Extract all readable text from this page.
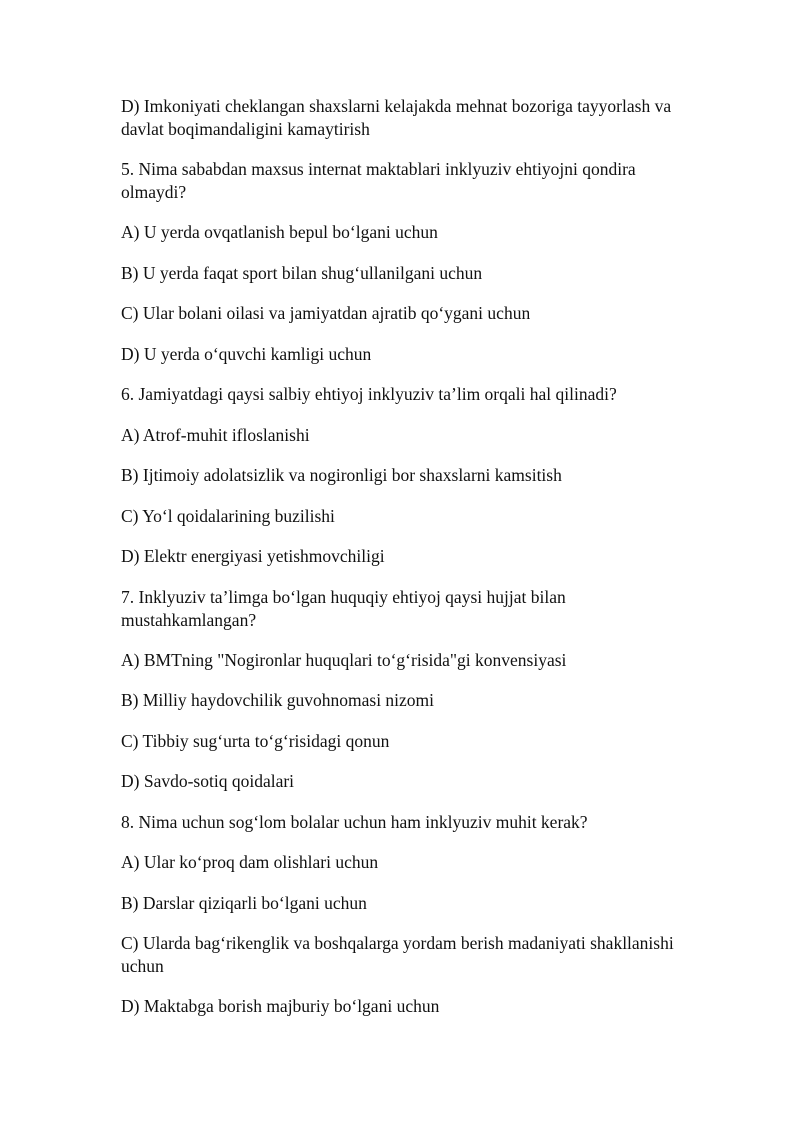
D) Imkoniyati cheklangan shaxslarni kelajakda mehnat bozoriga tayyorlash va davlat boqimandaligini kamaytirish

5. Nima sababdan maxsus internat maktablari inklyuziv ehtiyojni qondira olmaydi?

A) U yerda ovqatlanish bepul bo‘lgani uchun

B) U yerda faqat sport bilan shug‘ullanilgani uchun

C) Ular bolani oilasi va jamiyatdan ajratib qo‘ygani uchun

D) U yerda o‘quvchi kamligi uchun

6. Jamiyatdagi qaysi salbiy ehtiyoj inklyuziv ta’lim orqali hal qilinadi?

A) Atrof-muhit ifloslanishi

B) Ijtimoiy adolatsizlik va nogironligi bor shaxslarni kamsitish

C) Yo‘l qoidalarining buzilishi

D) Elektr energiyasi yetishmovchiligi

7. Inklyuziv ta’limga bo‘lgan huquqiy ehtiyoj qaysi hujjat bilan mustahkamlangan?

A) BMTning "Nogironlar huquqlari to‘g‘risida"gi konvensiyasi

B) Milliy haydovchilik guvohnomasi nizomi

C) Tibbiy sug‘urta to‘g‘risidagi qonun

D) Savdo-sotiq qoidalari

8. Nima uchun sog‘lom bolalar uchun ham inklyuziv muhit kerak?

A) Ular ko‘proq dam olishlari uchun

B) Darslar qiziqarli bo‘lgani uchun

C) Ularda bag‘rikenglik va boshqalarga yordam berish madaniyati shakllanishi uchun

D) Maktabga borish majburiy bo‘lgani uchun
